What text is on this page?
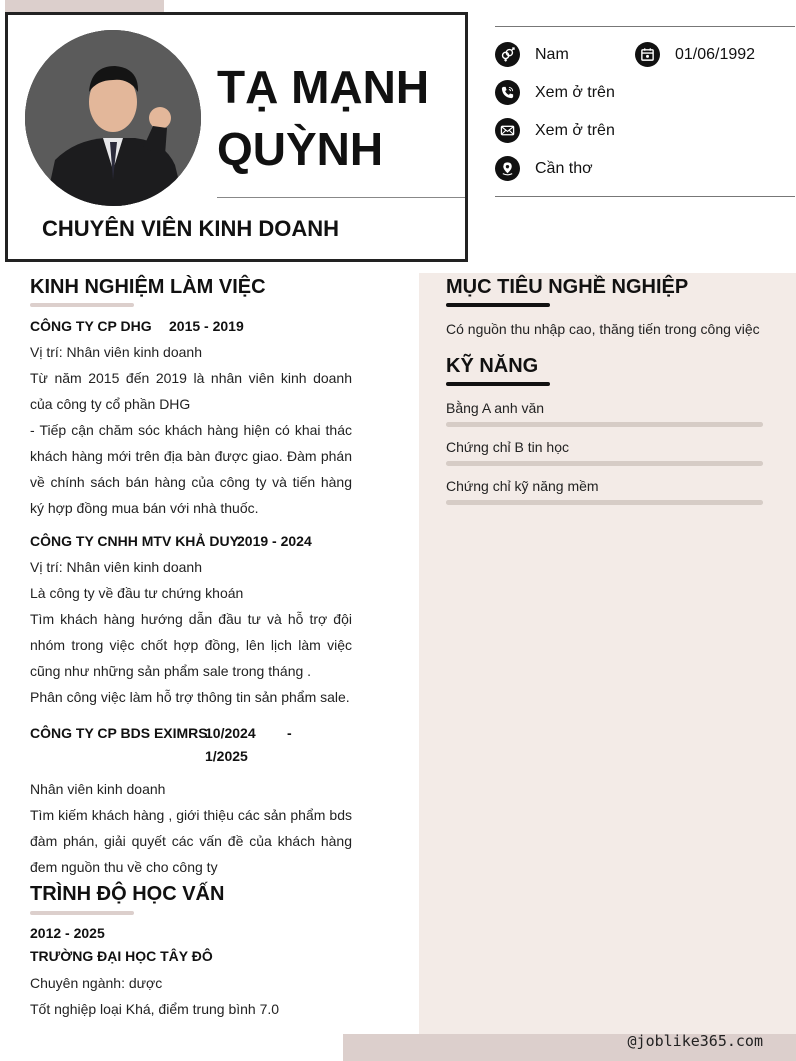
TẠ MẠNH
QUỲNH
CHUYÊN VIÊN KINH DOANH
Nam	01/06/1992
Xem ở trên
Xem ở trên
Cần thơ
@joblike365.com
KINH NGHIỆM LÀM VIỆC
CÔNG TY CP DHG	2015 - 2019
Vị trí: Nhân viên kinh doanh
Từ năm 2015 đến 2019 là nhân viên kinh doanh của công ty cổ phần DHG
- Tiếp cận chăm sóc khách hàng hiện có khai thác khách hàng mới trên địa bàn được giao. Đàm phán về chính sách bán hàng của công ty và tiến hàng ký hợp đồng mua bán với nhà thuốc.
CÔNG TY CNHH MTV KHẢ DUY
2019 - 2024
Vị trí: Nhân viên kinh doanh
Là công ty về đầu tư chứng khoán
Tìm khách hàng hướng dẫn đầu tư và hỗ trợ đội nhóm trong việc chốt hợp đồng, lên lịch làm việc cũng như những sản phẩm sale trong tháng .
Phân công việc làm hỗ trợ thông tin sản phẩm sale.
CÔNG TY CP BDS EXIMRS
10/2024	-
1/2025
Nhân viên kinh doanh
Tìm kiếm khách hàng , giới thiệu các sản phẩm bds đàm phán, giải quyết các vấn đề của khách hàng đem nguồn thu về cho công ty
TRÌNH ĐỘ HỌC VẤN
2012 - 2025
TRƯỜNG ĐẠI HỌC TÂY ĐÔ
Chuyên ngành: dược
Tốt nghiệp loại Khá, điểm trung bình 7.0
MỤC TIÊU NGHỀ NGHIỆP
Có nguồn thu nhập cao, thăng tiến trong công việc
KỸ NĂNG
Bằng A anh văn
Chứng chỉ B tin học
Chứng chỉ kỹ năng mềm
